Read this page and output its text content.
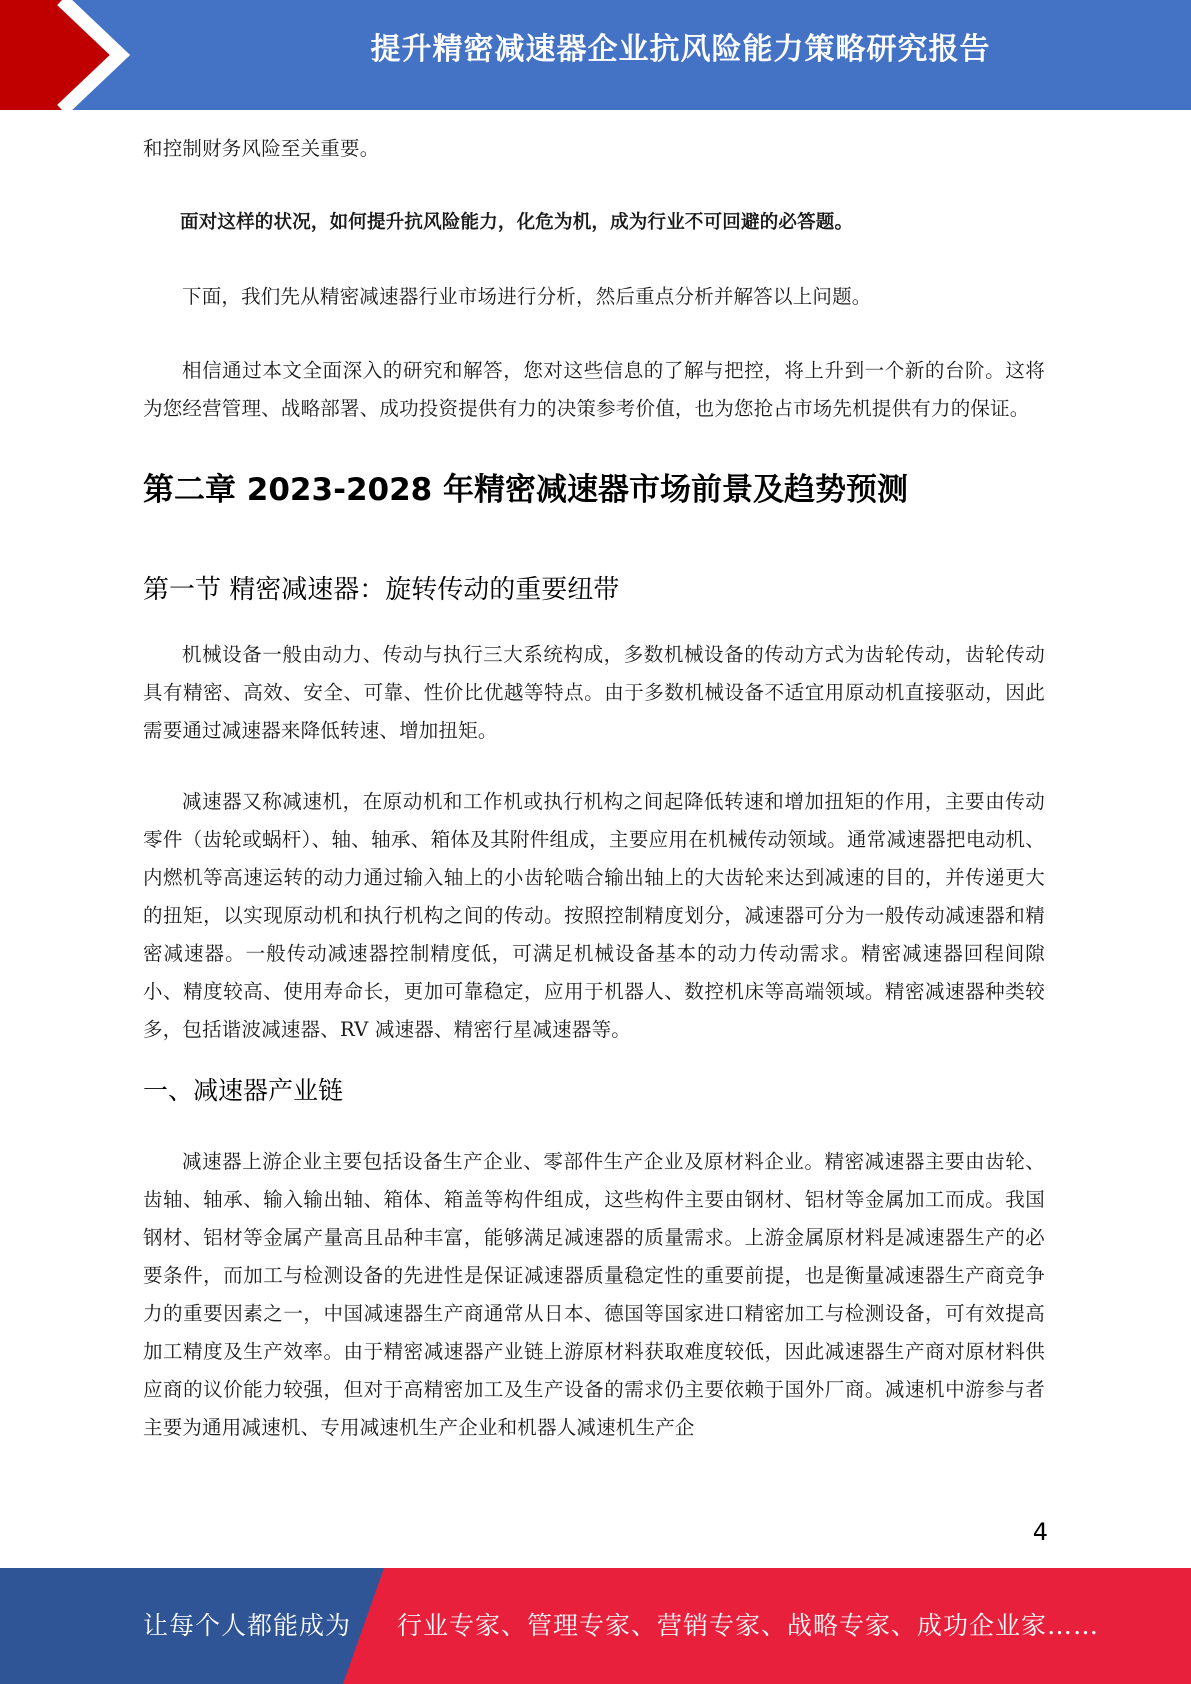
提升精密减速器企业抗风险能力策略研究报告

和控制财务风险至关重要。

面对这样的状况，如何提升抗风险能力，化危为机，成为行业不可回避的必答题。

下面，我们先从精密减速器行业市场进行分析，然后重点分析并解答以上问题。

相信通过本文全面深入的研究和解答，您对这些信息的了解与把控，将上升到一个新的台阶。这将为您经营管理、战略部署、成功投资提供有力的决策参考价值，也为您抢占市场先机提供有力的保证。

第二章 2023-2028 年精密减速器市场前景及趋势预测
第一节 精密减速器：旋转传动的重要纽带

机械设备一般由动力、传动与执行三大系统构成，多数机械设备的传动方式为齿轮传动，齿轮传动具有精密、高效、安全、可靠、性价比优越等特点。由于多数机械设备不适宜用原动机直接驱动，因此需要通过减速器来降低转速、增加扭矩。

减速器又称减速机，在原动机和工作机或执行机构之间起降低转速和增加扭矩的作用，主要由传动零件（齿轮或蜗杆）、轴、轴承、箱体及其附件组成，主要应用在机械传动领域。通常减速器把电动机、内燃机等高速运转的动力通过输入轴上的小齿轮啮合输出轴上的大齿轮来达到减速的目的，并传递更大的扭矩，以实现原动机和执行机构之间的传动。按照控制精度划分，减速器可分为一般传动减速器和精密减速器。一般传动减速器控制精度低，可满足机械设备基本的动力传动需求。精密减速器回程间隙小、精度较高、使用寿命长，更加可靠稳定，应用于机器人、数控机床等高端领域。精密减速器种类较多，包括谐波减速器、RV 减速器、精密行星减速器等。

一、减速器产业链

减速器上游企业主要包括设备生产企业、零部件生产企业及原材料企业。精密减速器主要由齿轮、齿轴、轴承、输入输出轴、箱体、箱盖等构件组成，这些构件主要由钢材、铝材等金属加工而成。我国钢材、铝材等金属产量高且品种丰富，能够满足减速器的质量需求。上游金属原材料是减速器生产的必要条件，而加工与检测设备的先进性是保证减速器质量稳定性的重要前提，也是衡量减速器生产商竞争力的重要因素之一，中国减速器生产商通常从日本、德国等国家进口精密加工与检测设备，可有效提高加工精度及生产效率。由于精密减速器产业链上游原材料获取难度较低，因此减速器生产商对原材料供应商的议价能力较强，但对于高精密加工及生产设备的需求仍主要依赖于国外厂商。减速机中游参与者主要为通用减速机、专用减速机生产企业和机器人减速机生产企

4
让每个人都能成为 行业专家、管理专家、营销专家、战略专家、成功企业家……
